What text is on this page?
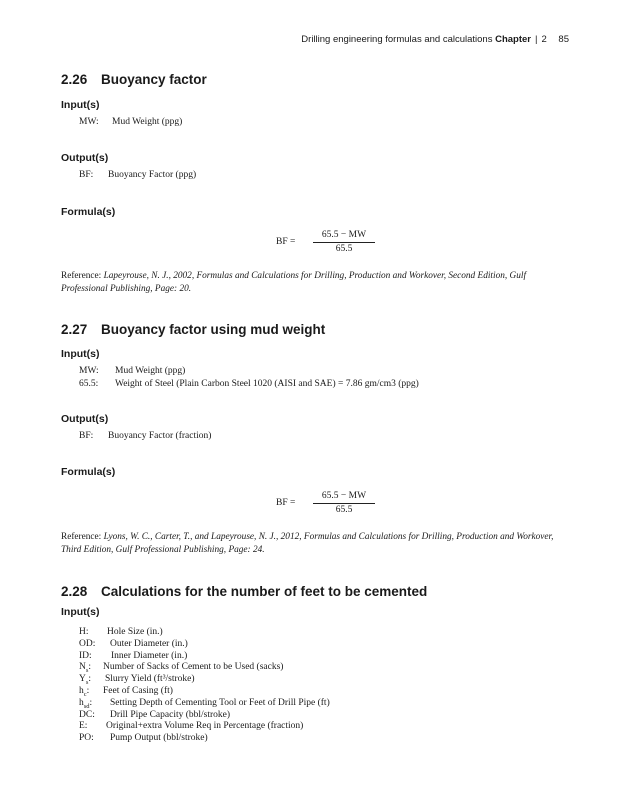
Drilling engineering formulas and calculations Chapter | 2 85
2.26 Buoyancy factor
Input(s)
MW: Mud Weight (ppg)
Output(s)
BF: Buoyancy Factor (ppg)
Formula(s)
BF = $\frac{65.5 - MW}{65.5}$
Reference: Lapeyrouse, N. J., 2002, Formulas and Calculations for Drilling, Production and Workover, Second Edition, Gulf Professional Publishing, Page: 20.
2.27 Buoyancy factor using mud weight
Input(s)
MW: Mud Weight (ppg)
65.5: Weight of Steel (Plain Carbon Steel 1020 (AISI and SAE) = 7.86 gm/cm3 (ppg)
Output(s)
BF: Buoyancy Factor (fraction)
Formula(s)
BF = $\frac{65.5 - MW}{65.5}$
Reference: Lyons, W. C., Carter, T., and Lapeyrouse, N. J., 2012, Formulas and Calculations for Drilling, Production and Workover, Third Edition, Gulf Professional Publishing, Page: 24.
2.28 Calculations for the number of feet to be cemented
Input(s)
H: Hole Size (in.)
OD: Outer Diameter (in.)
ID: Inner Diameter (in.)
$N_s$: Number of Sacks of Cement to be Used (sacks)
$Y_s$: Slurry Yield (ft³/stroke)
$h_c$: Feet of Casing (ft)
$h_{sd}$: Setting Depth of Cementing Tool or Feet of Drill Pipe (ft)
DC: Drill Pipe Capacity (bbl/stroke)
E: Original+extra Volume Req in Percentage (fraction)
PO: Pump Output (bbl/stroke)
